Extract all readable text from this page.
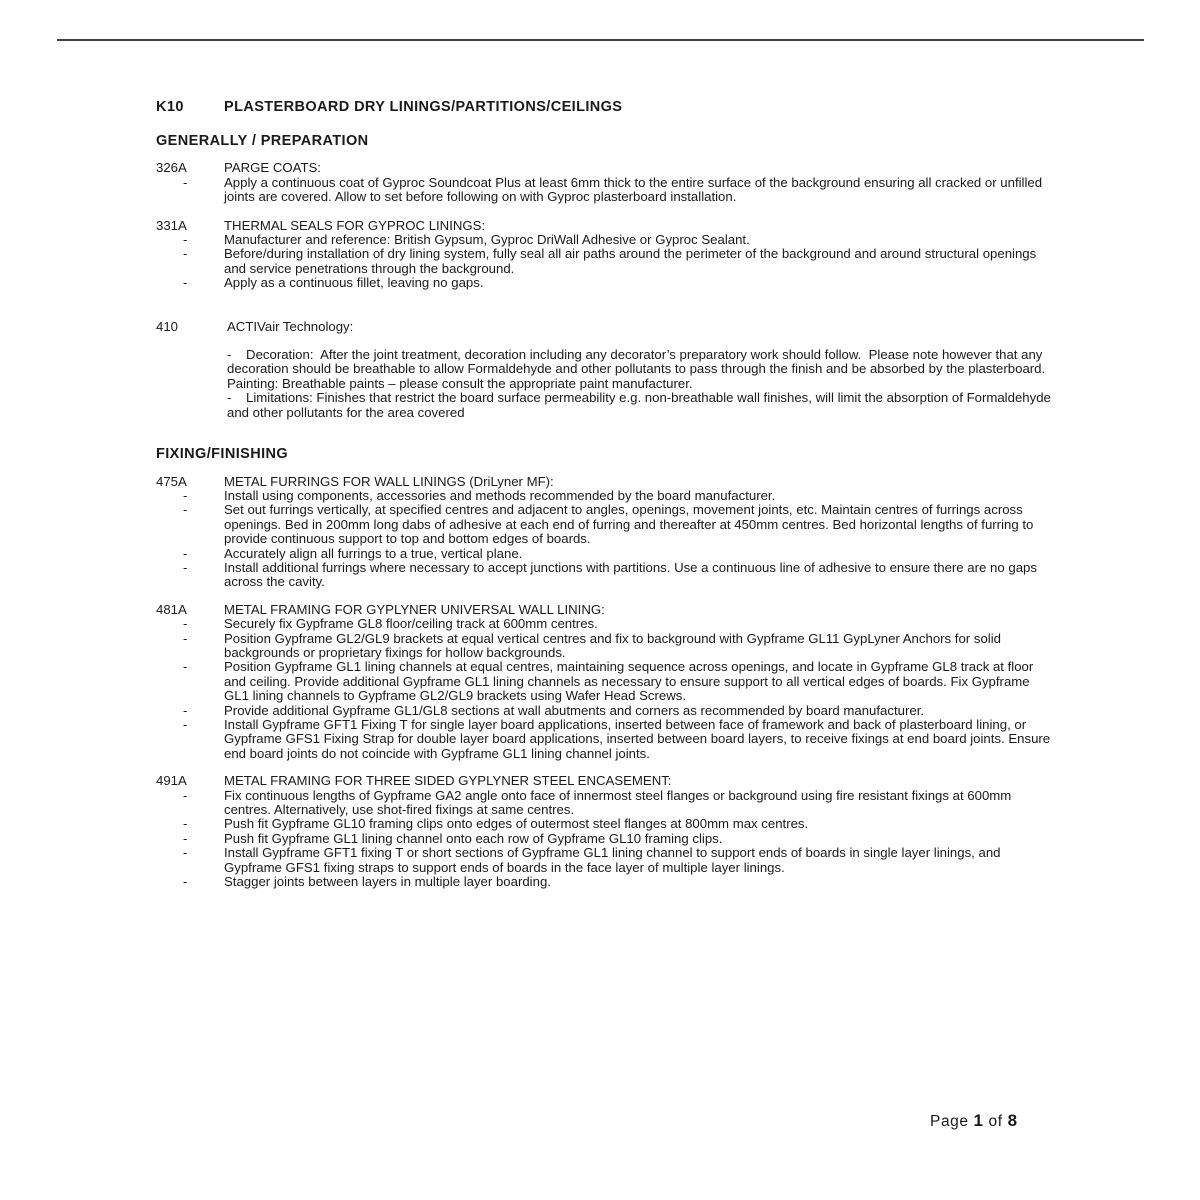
K10	PLASTERBOARD DRY LININGS/PARTITIONS/CEILINGS
GENERALLY / PREPARATION
326A	PARGE COATS:
-	Apply a continuous coat of Gyproc Soundcoat Plus at least 6mm thick to the entire surface of the background ensuring all cracked or unfilled joints are covered. Allow to set before following on with Gyproc plasterboard installation.
331A	THERMAL SEALS FOR GYPROC LININGS:
-	Manufacturer and reference: British Gypsum, Gyproc DriWall Adhesive or Gyproc Sealant.
-	Before/during installation of dry lining system, fully seal all air paths around the perimeter of the background and around structural openings and service penetrations through the background.
-	Apply as a continuous fillet, leaving no gaps.
410	ACTIVair Technology:
-    Decoration:  After the joint treatment, decoration including any decorator’s preparatory work should follow.  Please note however that any decoration should be breathable to allow Formaldehyde and other pollutants to pass through the finish and be absorbed by the plasterboard.
Painting: Breathable paints – please consult the appropriate paint manufacturer.
-    Limitations: Finishes that restrict the board surface permeability e.g. non-breathable wall finishes, will limit the absorption of Formaldehyde and other pollutants for the area covered
FIXING/FINISHING
475A	METAL FURRINGS FOR WALL LININGS (DriLyner MF):
-	Install using components, accessories and methods recommended by the board manufacturer.
-	Set out furrings vertically, at specified centres and adjacent to angles, openings, movement joints, etc. Maintain centres of furrings across openings. Bed in 200mm long dabs of adhesive at each end of furring and thereafter at 450mm centres. Bed horizontal lengths of furring to provide continuous support to top and bottom edges of boards.
-	Accurately align all furrings to a true, vertical plane.
-	Install additional furrings where necessary to accept junctions with partitions. Use a continuous line of adhesive to ensure there are no gaps across the cavity.
481A	METAL FRAMING FOR GYPLYNER UNIVERSAL WALL LINING:
-	Securely fix Gypframe GL8 floor/ceiling track at 600mm centres.
-	Position Gypframe GL2/GL9 brackets at equal vertical centres and fix to background with Gypframe GL11 GypLyner Anchors for solid backgrounds or proprietary fixings for hollow backgrounds.
-	Position Gypframe GL1 lining channels at equal centres, maintaining sequence across openings, and locate in Gypframe GL8 track at floor and ceiling. Provide additional Gypframe GL1 lining channels as necessary to ensure support to all vertical edges of boards. Fix Gypframe GL1 lining channels to Gypframe GL2/GL9 brackets using Wafer Head Screws.
-	Provide additional Gypframe GL1/GL8 sections at wall abutments and corners as recommended by board manufacturer.
-	Install Gypframe GFT1 Fixing T for single layer board applications, inserted between face of framework and back of plasterboard lining, or Gypframe GFS1 Fixing Strap for double layer board applications, inserted between board layers, to receive fixings at end board joints. Ensure end board joints do not coincide with Gypframe GL1 lining channel joints.
491A	METAL FRAMING FOR THREE SIDED GYPLYNER STEEL ENCASEMENT:
-	Fix continuous lengths of Gypframe GA2 angle onto face of innermost steel flanges or background using fire resistant fixings at 600mm centres. Alternatively, use shot-fired fixings at same centres.
-	Push fit Gypframe GL10 framing clips onto edges of outermost steel flanges at 800mm max centres.
-	Push fit Gypframe GL1 lining channel onto each row of Gypframe GL10 framing clips.
-	Install Gypframe GFT1 fixing T or short sections of Gypframe GL1 lining channel to support ends of boards in single layer linings, and Gypframe GFS1 fixing straps to support ends of boards in the face layer of multiple layer linings.
-	Stagger joints between layers in multiple layer boarding.
Page 1 of 8
